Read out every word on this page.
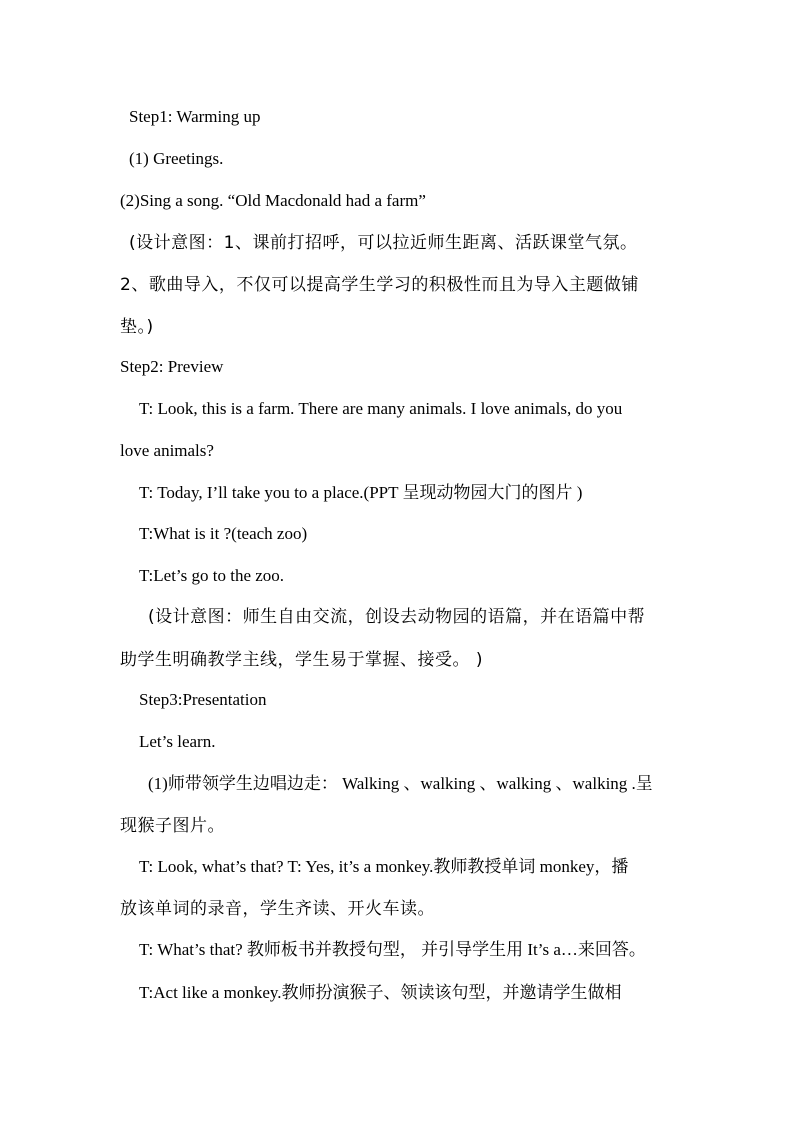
Step1: Warming up
(1) Greetings.
(2)Sing a song. “Old Macdonald had a farm”
(设计意图：1、课前打招呼，可以拉近师生距离、活跃课堂气氛。
2、歌曲导入，不仅可以提高学生学习的积极性而且为导入主题做铺
垫。)
Step2: Preview
T: Look, this is a farm. There are many animals. I love animals, do you
love animals?
T: Today, I’ll take you to a place.(PPT 呈现动物园大门的图片 )
T:What is it ?(teach zoo)
T:Let’s go to the zoo.
(设计意图：师生自由交流，创设去动物园的语篇，并在语篇中帮
助学生明确教学主线，学生易于掌握、接受。 )
Step3:Presentation
Let’s learn.
(1)师带领学生边唱边走： Walking 、walking 、walking 、walking .呈
现猴子图片。
T: Look, what’s that? T: Yes, it’s a monkey.教师教授单词 monkey，播
放该单词的录音，学生齐读、开火车读。
T: What’s that? 教师板书并教授句型， 并引导学生用 It’s a…来回答。
T:Act like a monkey.教师扮演猴子、领读该句型，并邀请学生做相
